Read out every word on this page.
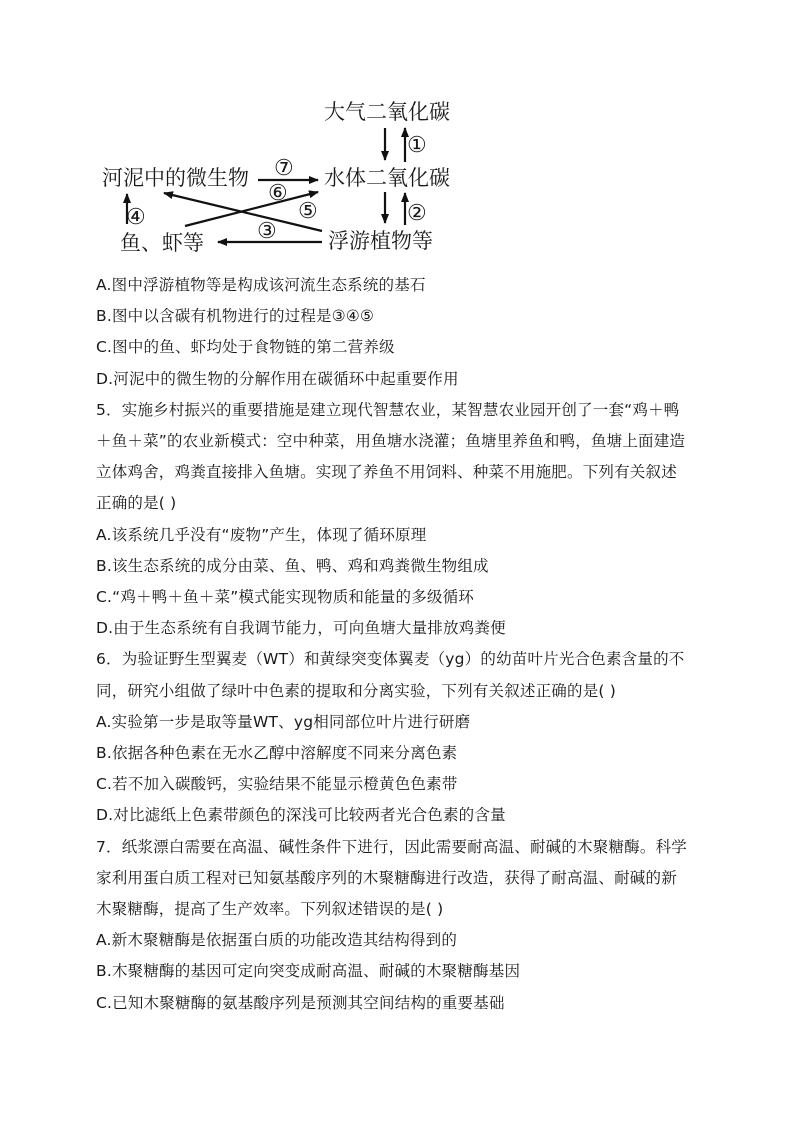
大气二氧化碳
水体二氧化碳
河泥中的微生物
鱼、虾等	浮游植物等
①
②
③
④	⑤
⑥
⑦
A.图中浮游植物等是构成该河流生态系统的基石
B.图中以含碳有机物进行的过程是③④⑤
C.图中的鱼、虾均处于食物链的第二营养级
D.河泥中的微生物的分解作用在碳循环中起重要作用
5．实施乡村振兴的重要措施是建立现代智慧农业，某智慧农业园开创了一套“鸡＋鸭
＋鱼＋菜”的农业新模式：空中种菜，用鱼塘水浇灌；鱼塘里养鱼和鸭，鱼塘上面建造
立体鸡舍，鸡粪直接排入鱼塘。实现了养鱼不用饲料、种菜不用施肥。下列有关叙述
正确的是( )
A.该系统几乎没有“废物”产生，体现了循环原理
B.该生态系统的成分由菜、鱼、鸭、鸡和鸡粪微生物组成
C.“鸡＋鸭＋鱼＋菜”模式能实现物质和能量的多级循环
D.由于生态系统有自我调节能力，可向鱼塘大量排放鸡粪便
6．为验证野生型翼麦（WT）和黄绿突变体翼麦（yg）的幼苗叶片光合色素含量的不
同，研究小组做了绿叶中色素的提取和分离实验，下列有关叙述正确的是( )
A.实验第一步是取等量WT、yg相同部位叶片进行研磨
B.依据各种色素在无水乙醇中溶解度不同来分离色素
C.若不加入碳酸钙，实验结果不能显示橙黄色色素带
D.对比滤纸上色素带颜色的深浅可比较两者光合色素的含量
7．纸浆漂白需要在高温、碱性条件下进行，因此需要耐高温、耐碱的木聚糖酶。科学
家利用蛋白质工程对已知氨基酸序列的木聚糖酶进行改造，获得了耐高温、耐碱的新
木聚糖酶，提高了生产效率。下列叙述错误的是( )
A.新木聚糖酶是依据蛋白质的功能改造其结构得到的
B.木聚糖酶的基因可定向突变成耐高温、耐碱的木聚糖酶基因
C.已知木聚糖酶的氨基酸序列是预测其空间结构的重要基础
